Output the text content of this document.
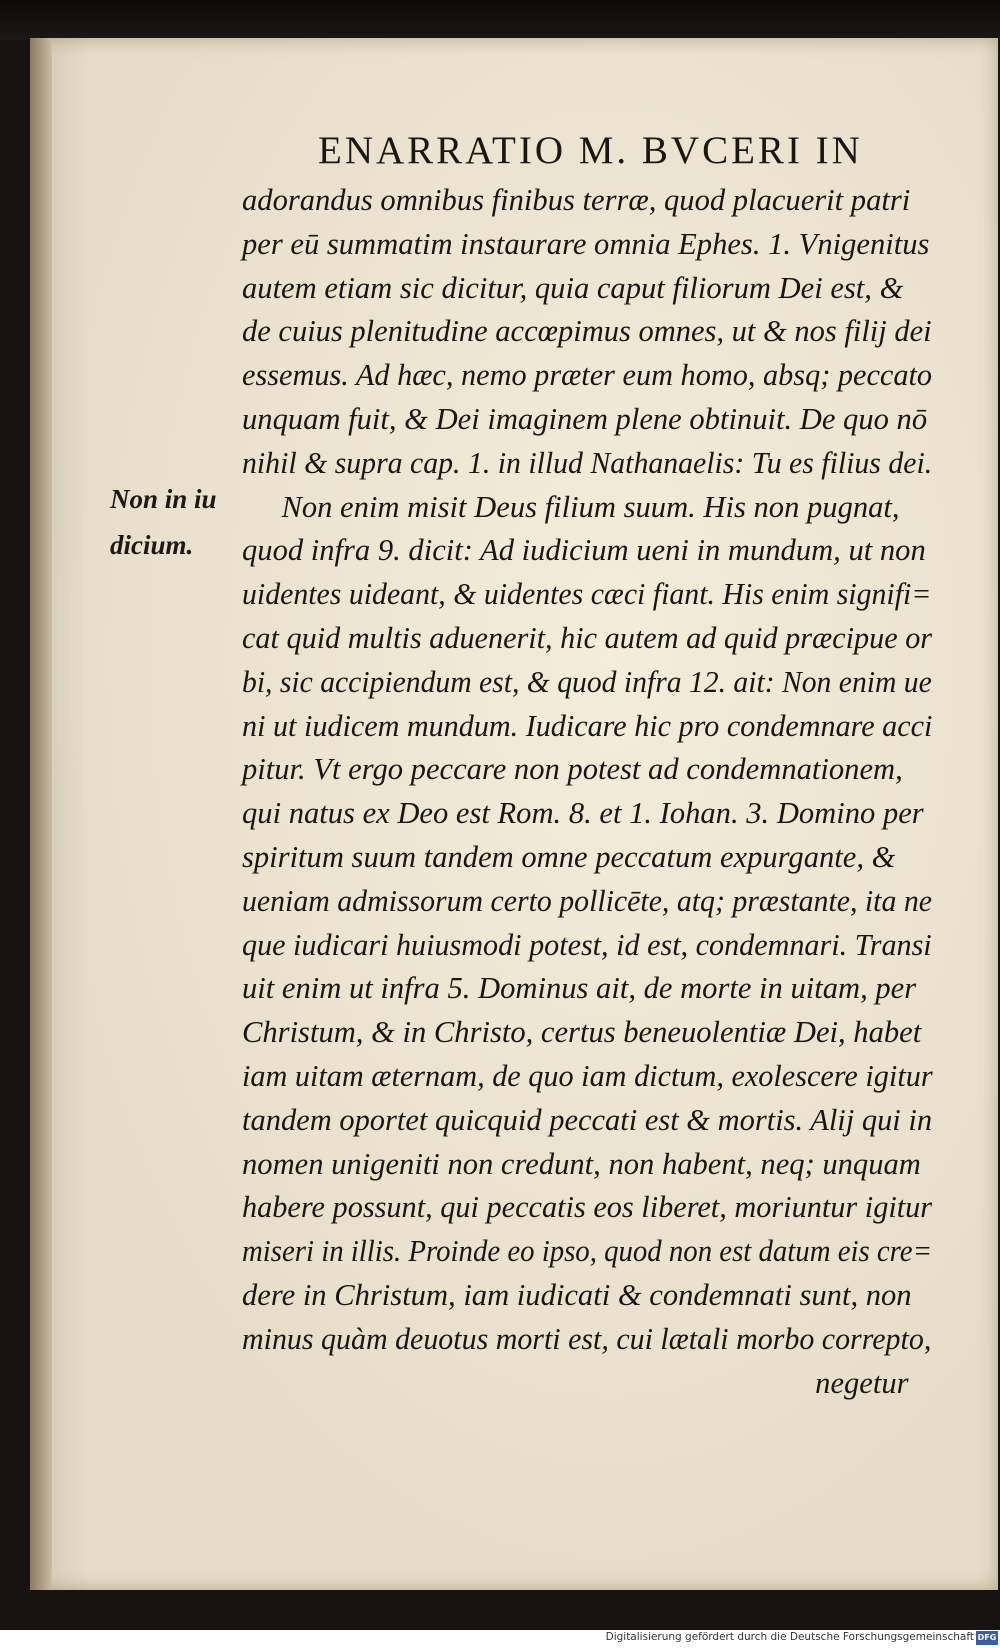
ENARRATIO M. BVCERI IN
Non in iu
dicium.
adorandus omnibus finibus terræ, quod placuerit patri
per eū summatim instaurare omnia Ephes. 1. Vnigenitus
autem etiam sic dicitur, quia caput filiorum Dei est, &
de cuius plenitudine accœpimus omnes, ut & nos filij dei
essemus. Ad hæc, nemo præter eum homo, absq; peccato
unquam fuit, & Dei imaginem plene obtinuit. De quo nō
nihil & supra cap. 1. in illud Nathanaelis: Tu es filius dei.
Non enim misit Deus filium suum. His non pugnat,
quod infra 9. dicit: Ad iudicium ueni in mundum, ut non
uidentes uideant, & uidentes cæci fiant. His enim signifi=
cat quid multis aduenerit, hic autem ad quid præcipue or
bi, sic accipiendum est, & quod infra 12. ait: Non enim ue
ni ut iudicem mundum. Iudicare hic pro condemnare acci
pitur. Vt ergo peccare non potest ad condemnationem,
qui natus ex Deo est Rom. 8. et 1. Iohan. 3. Domino per
spiritum suum tandem omne peccatum expurgante, &
ueniam admissorum certo pollicēte, atq; præstante, ita ne
que iudicari huiusmodi potest, id est, condemnari. Transi
uit enim ut infra 5. Dominus ait, de morte in uitam, per
Christum, & in Christo, certus beneuolentiæ Dei, habet
iam uitam æternam, de quo iam dictum, exolescere igitur
tandem oportet quicquid peccati est & mortis. Alij qui in
nomen unigeniti non credunt, non habent, neq; unquam
habere possunt, qui peccatis eos liberet, moriuntur igitur
miseri in illis. Proinde eo ipso, quod non est datum eis cre=
dere in Christum, iam iudicati & condemnati sunt, non
minus quàm deuotus morti est, cui lætali morbo correpto,
negetur
Digitalisierung gefördert durch die Deutsche Forschungsgemeinschaft DFG
